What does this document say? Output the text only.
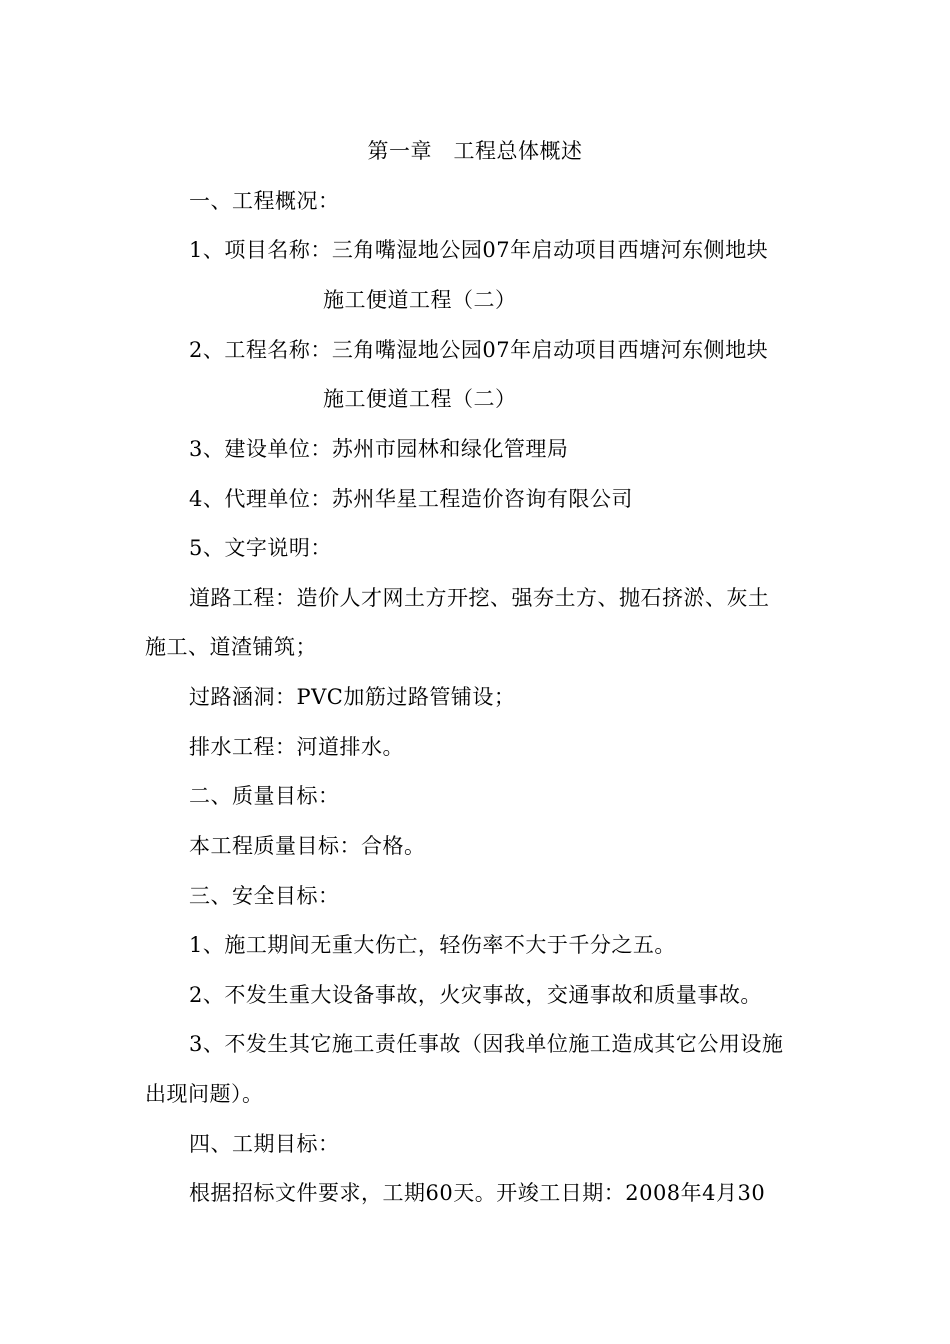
第一章　工程总体概述
一、工程概况：
1、项目名称：三角嘴湿地公园07年启动项目西塘河东侧地块
施工便道工程（二）
2、工程名称：三角嘴湿地公园07年启动项目西塘河东侧地块
施工便道工程（二）
3、建设单位：苏州市园林和绿化管理局
4、代理单位：苏州华星工程造价咨询有限公司
5、文字说明：
道路工程：造价人才网土方开挖、强夯土方、抛石挤淤、灰土
施工、道渣铺筑；
过路涵洞：PVC加筋过路管铺设；
排水工程：河道排水。
二、质量目标：
本工程质量目标：合格。
三、安全目标：
1、施工期间无重大伤亡，轻伤率不大于千分之五。
2、不发生重大设备事故，火灾事故，交通事故和质量事故。
3、不发生其它施工责任事故（因我单位施工造成其它公用设施
出现问题）。
四、工期目标：
根据招标文件要求，工期60天。开竣工日期：2008年4月30
